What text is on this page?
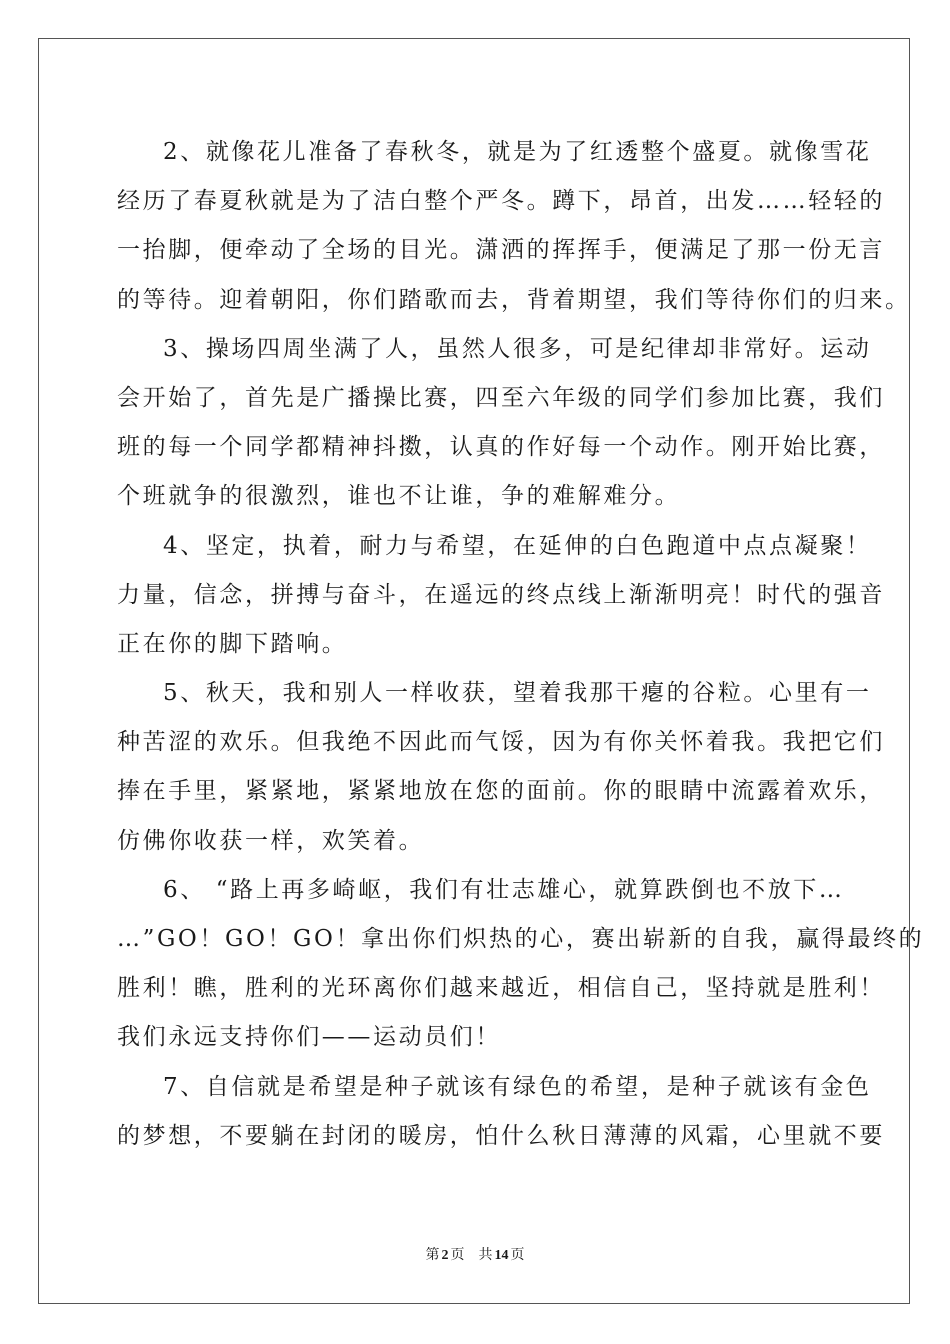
2、就像花儿准备了春秋冬，就是为了红透整个盛夏。就像雪花
经历了春夏秋就是为了洁白整个严冬。蹲下，昂首，出发……轻轻的
一抬脚，便牵动了全场的目光。潇洒的挥挥手，便满足了那一份无言
的等待。迎着朝阳，你们踏歌而去，背着期望，我们等待你们的归来。
3、操场四周坐满了人，虽然人很多，可是纪律却非常好。运动
会开始了，首先是广播操比赛，四至六年级的同学们参加比赛，我们
班的每一个同学都精神抖擞，认真的作好每一个动作。刚开始比赛，
个班就争的很激烈，谁也不让谁，争的难解难分。
4、坚定，执着，耐力与希望，在延伸的白色跑道中点点凝聚！
力量，信念，拼搏与奋斗，在遥远的终点线上渐渐明亮！时代的强音
正在你的脚下踏响。
5、秋天，我和别人一样收获，望着我那干瘪的谷粒。心里有一
种苦涩的欢乐。但我绝不因此而气馁，因为有你关怀着我。我把它们
捧在手里，紧紧地，紧紧地放在您的面前。你的眼睛中流露着欢乐，
仿佛你收获一样，欢笑着。
6、 “路上再多崎岖，我们有壮志雄心，就算跌倒也不放下…
…”GO！GO！GO！拿出你们炽热的心，赛出崭新的自我，赢得最终的
胜利！瞧，胜利的光环离你们越来越近，相信自己，坚持就是胜利！
我们永远支持你们——运动员们！
7、自信就是希望是种子就该有绿色的希望，是种子就该有金色
的梦想，不要躺在封闭的暖房，怕什么秋日薄薄的风霜，心里就不要
第 2 页 共 14 页
